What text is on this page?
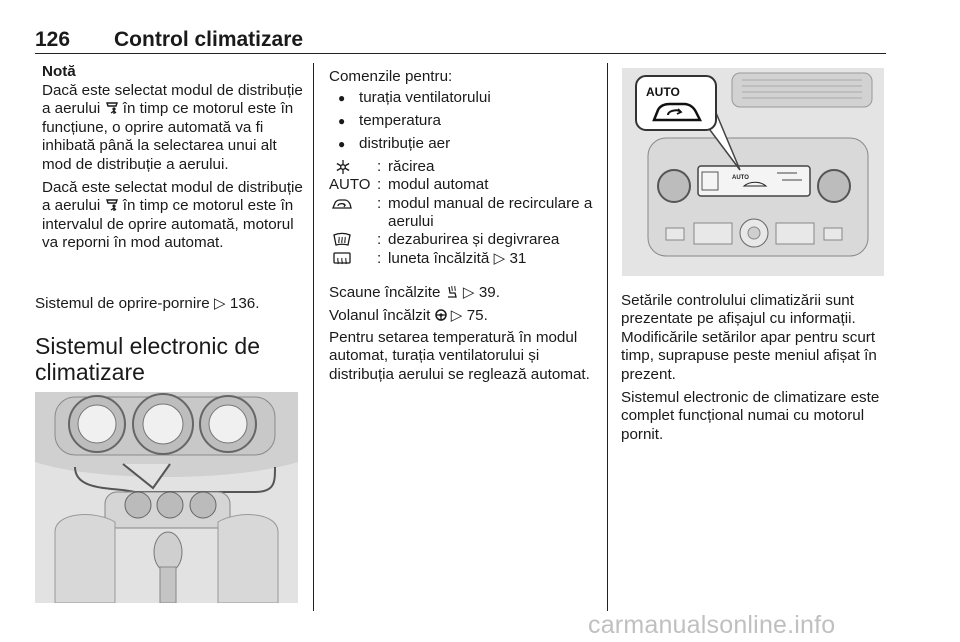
126 Control climatizare
Notă

Dacă este selectat modul de distribuție a aerului în timp ce motorul este în funcțiune, o oprire automată va fi inhibată până la selectarea unui alt mod de distribuție a aerului.

Dacă este selectat modul de distribuție a aerului în timp ce motorul este în intervalul de oprire automată, motorul va reporni în mod automat.

Sistemul de oprire-pornire ▷ 136.
Sistemul electronic de climatizare

Comenzile pentru:

● turația ventilatorului
● temperatura
● distribuție aer
: răcirea
AUTO : modul automat
: modul manual de recirculare a aerului
: dezaburirea și degivrarea
: luneta încălzită ▷ 31

Scaune încălzite ▷ 39.

Volanul încălzit ▷ 75.

Pentru setarea temperatură în modul automat, turația ventilatorului și distribuția aerului se reglează automat.

AUTO
AUTO

Setările controlului climatizării sunt prezentate pe afișajul cu informații. Modificările setărilor apar pentru scurt timp, suprapuse peste meniul afișat în prezent.

Sistemul electronic de climatizare este complet funcțional numai cu motorul pornit.

carmanualsonline.info
